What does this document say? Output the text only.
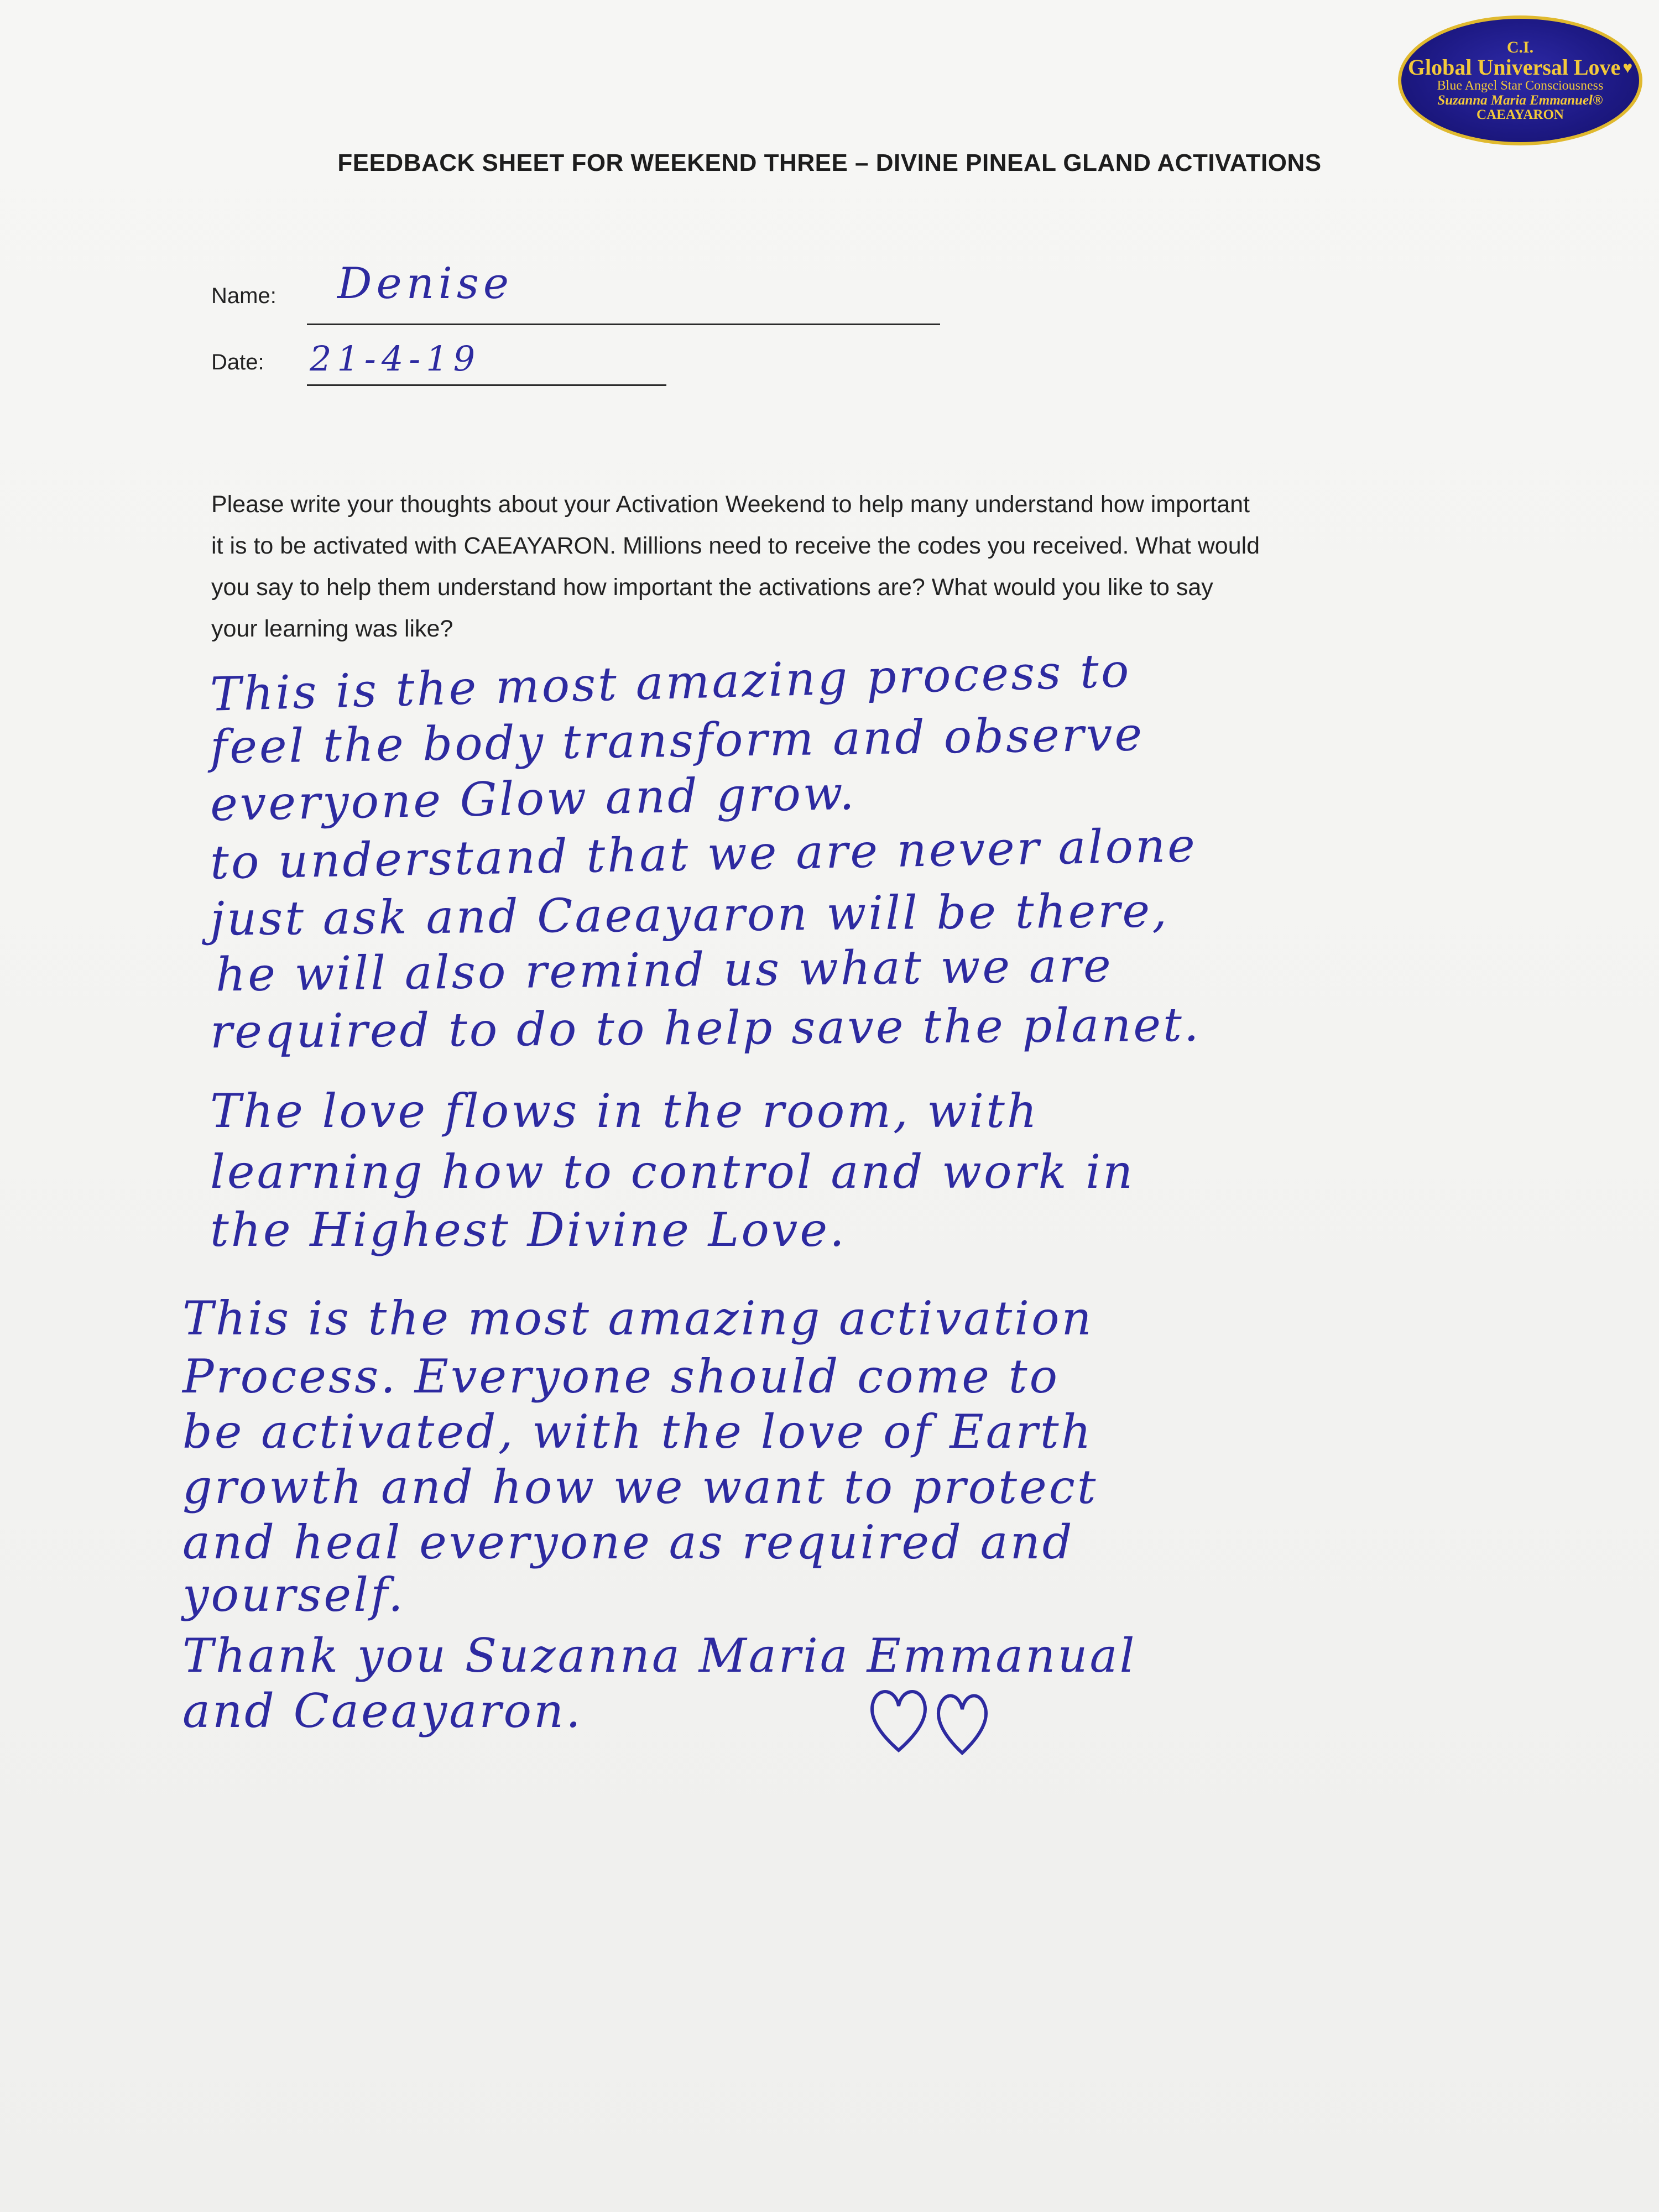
C.I.
Global Universal Love ♥
Blue Angel Star Consciousness
Suzanna Maria Emmanuel®
CAEAYARON
FEEDBACK SHEET FOR WEEKEND THREE – DIVINE PINEAL GLAND ACTIVATIONS
Name: Denise
Date: 21-4-19
Please write your thoughts about your Activation Weekend to help many understand how important
it is to be activated with CAEAYARON. Millions need to receive the codes you received. What would
you say to help them understand how important the activations are? What would you like to say
your learning was like?
This is the most amazing process to
feel the body transform and observe
everyone Glow and grow.
to understand that we are never alone
just ask and Caeayaron will be there,
he will also remind us what we are
required to do to help save the planet.
The love flows in the room, with
learning how to control and work in
the Highest Divine Love.
This is the most amazing activation
Process. Everyone should come to
be activated, with the love of Earth
growth and how we want to protect
and heal everyone as required and
yourself.
Thank you Suzanna Maria Emmanual
and Caeayaron.
